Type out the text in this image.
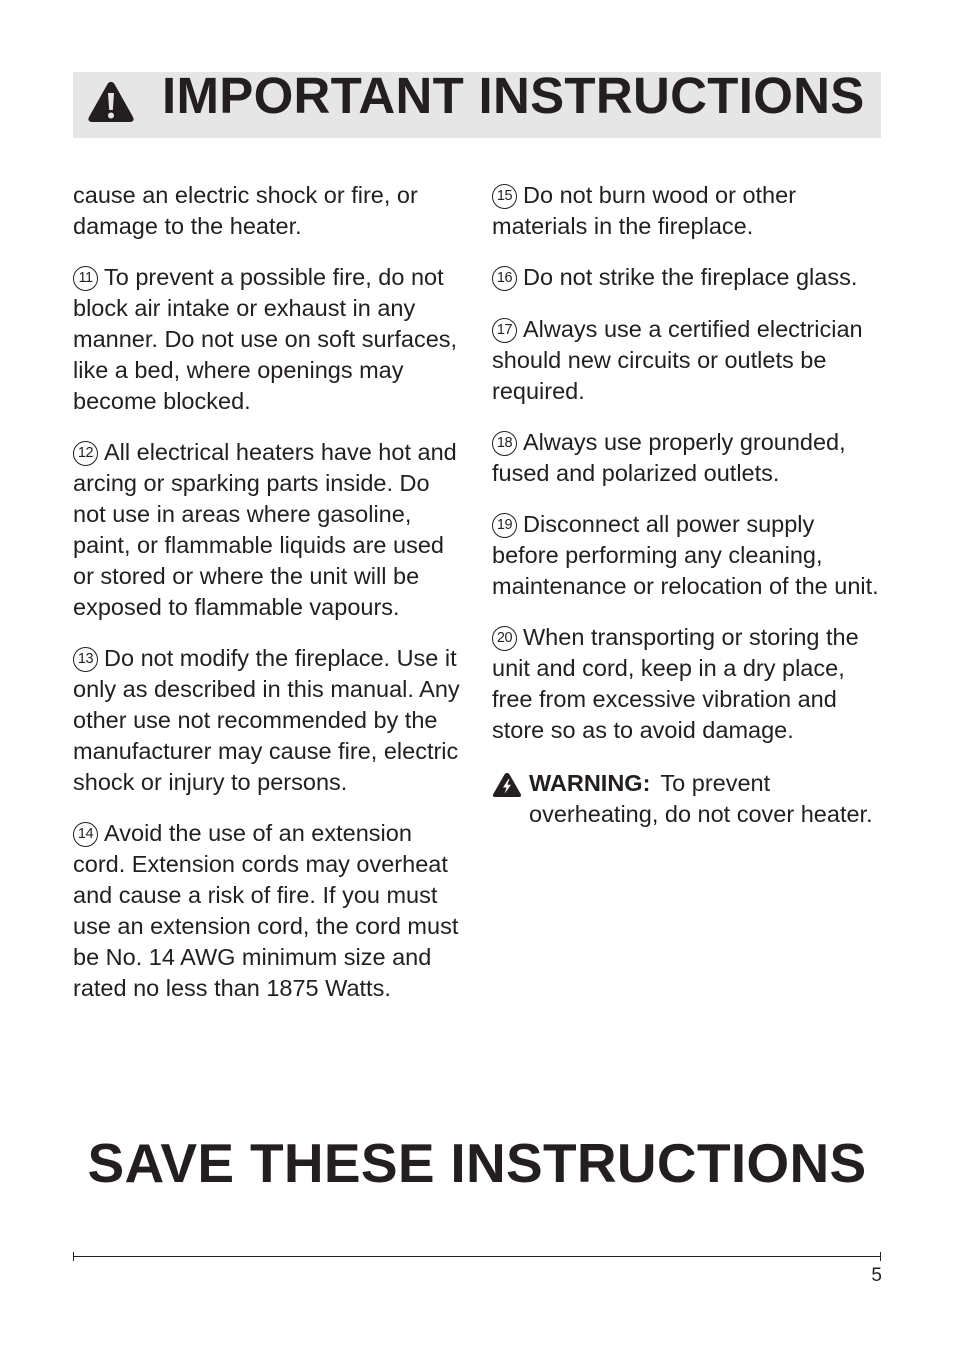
IMPORTANT INSTRUCTIONS

cause an electric shock or fire, or damage to the heater.

11 To prevent a possible fire, do not block air intake or exhaust in any manner. Do not use on soft surfaces, like a bed, where openings may become blocked.

12 All electrical heaters have hot and arcing or sparking parts inside. Do not use in areas where gasoline, paint, or flammable liquids are used or stored or where the unit will be exposed to flammable vapours.

13 Do not modify the fireplace. Use it only as described in this manual. Any other use not recommended by the manufacturer may cause fire, electric shock or injury to persons.

14 Avoid the use of an extension cord. Extension cords may overheat and cause a risk of fire. If you must use an extension cord, the cord must be No. 14 AWG minimum size and rated no less than 1875 Watts.

15 Do not burn wood or other materials in the fireplace.

16 Do not strike the fireplace glass.

17 Always use a certified electrician should new circuits or outlets be required.

18 Always use properly grounded, fused and polarized outlets.

19 Disconnect all power supply before performing any cleaning, maintenance or relocation of the unit.

20 When transporting or storing the unit and cord, keep in a dry place, free from excessive vibration and store so as to avoid damage.

WARNING: To prevent overheating, do not cover heater.
SAVE THESE INSTRUCTIONS
5
